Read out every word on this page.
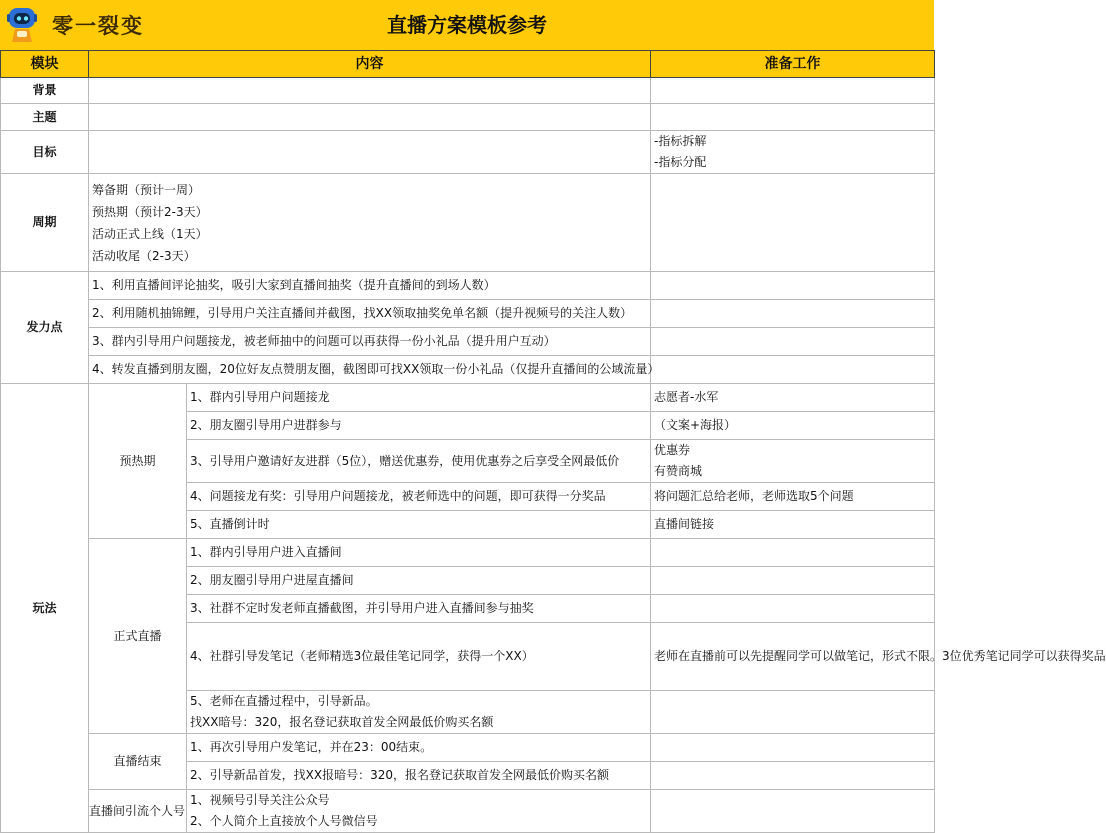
零一裂变	直播方案模板参考
模块	内容		准备工作
背景			
主题			
目标			-指标拆解
-指标分配

周期	筹备期（预计一周）
预热期（预计2-3天）
活动正式上线（1天）
活动收尾（2-3天）		

发力点	1、利用直播间评论抽奖，吸引大家到直播间抽奖（提升直播间的到场人数）		
	2、利用随机抽锦鲤，引导用户关注直播间并截图，找XX领取抽奖免单名额（提升视频号的关注人数）		
	3、群内引导用户问题接龙，被老师抽中的问题可以再获得一份小礼品（提升用户互动）		
	4、转发直播到朋友圈，20位好友点赞朋友圈，截图即可找XX领取一份小礼品（仅提升直播间的公域流量）		
玩法	预热期	1、群内引导用户问题接龙	志愿者-水军
		2、朋友圈引导用户进群参与	（文案+海报）
		3、引导用户邀请好友进群（5位），赠送优惠券，使用优惠券之后享受全网最低价	优惠券
有赞商城

		4、问题接龙有奖：引导用户问题接龙，被老师选中的问题，即可获得一分奖品	将问题汇总给老师，老师选取5个问题
		5、直播倒计时	直播间链接
	正式直播	1、群内引导用户进入直播间	
		2、朋友圈引导用户进屋直播间	
		3、社群不定时发老师直播截图，并引导用户进入直播间参与抽奖	
		4、社群引导发笔记（老师精选3位最佳笔记同学，获得一个XX）	老师在直播前可以先提醒同学可以做笔记，形式不限。3位优秀笔记同学可以获得奖品

		5、老师在直播过程中，引导新品。
找XX暗号：320，报名登记获取首发全网最低价购买名额	

	直播结束	1、再次引导用户发笔记，并在23：00结束。	
		2、引导新品首发，找XX报暗号：320，报名登记获取首发全网最低价购买名额	
	直播间引流个人号	1、视频号引导关注公众号
2、个人简介上直接放个人号微信号	
